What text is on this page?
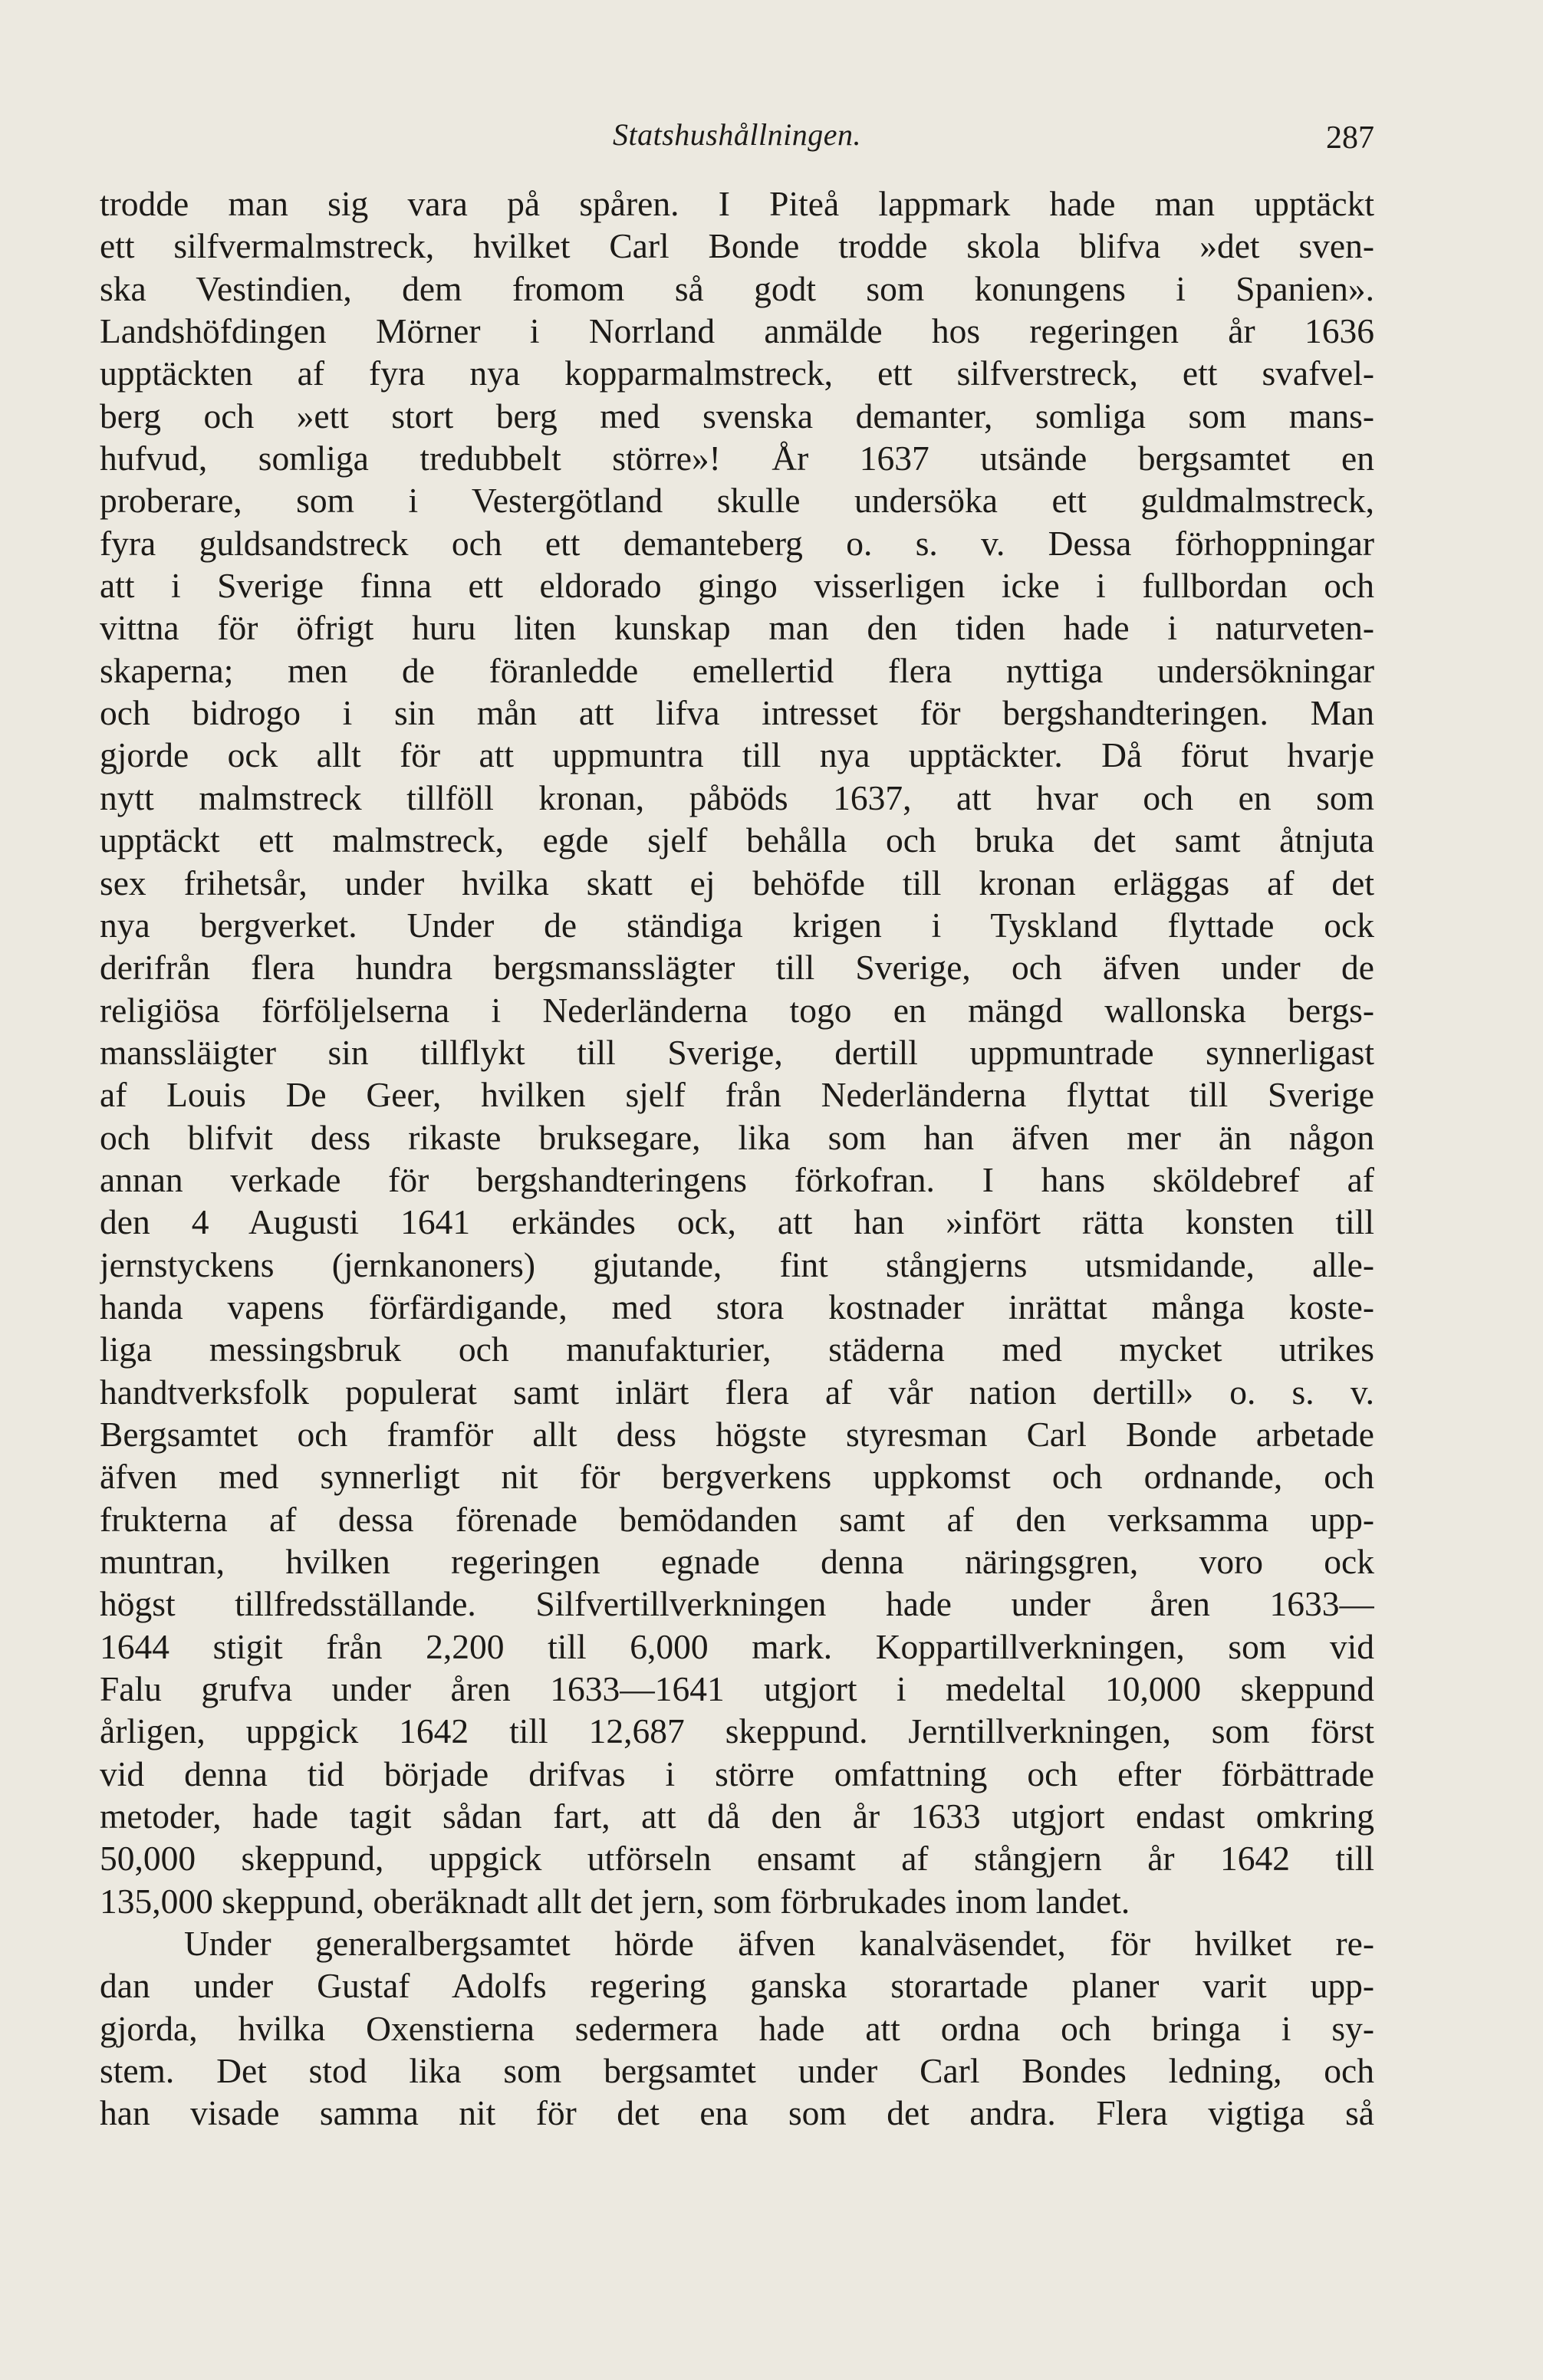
Statshushållningen.	287
trodde man sig vara på spåren. I Piteå lappmark hade man upptäckt
ett silfvermalmstreck, hvilket Carl Bonde trodde skola blifva »det sven-
ska Vestindien, dem fromom så godt som konungens i Spanien».
Landshöfdingen Mörner i Norrland anmälde hos regeringen år 1636
upptäckten af fyra nya kopparmalmstreck, ett silfverstreck, ett svafvel-
berg och »ett stort berg med svenska demanter, somliga som mans-
hufvud, somliga tredubbelt större»! År 1637 utsände bergsamtet en
proberare, som i Vestergötland skulle undersöka ett guldmalmstreck,
fyra guldsandstreck och ett demanteberg o. s. v. Dessa förhoppningar
att i Sverige finna ett eldorado gingo visserligen icke i fullbordan och
vittna för öfrigt huru liten kunskap man den tiden hade i naturveten-
skaperna; men de föranledde emellertid flera nyttiga undersökningar
och bidrogo i sin mån att lifva intresset för bergshandteringen. Man
gjorde ock allt för att uppmuntra till nya upptäckter. Då förut hvarje
nytt malmstreck tillföll kronan, påböds 1637, att hvar och en som
upptäckt ett malmstreck, egde sjelf behålla och bruka det samt åtnjuta
sex frihetsår, under hvilka skatt ej behöfde till kronan erläggas af det
nya bergverket. Under de ständiga krigen i Tyskland flyttade ock
derifrån flera hundra bergsmansslägter till Sverige, och äfven under de
religiösa förföljelserna i Nederländerna togo en mängd wallonska bergs-
manssläigter sin tillflykt till Sverige, dertill uppmuntrade synnerligast
af Louis De Geer, hvilken sjelf från Nederländerna flyttat till Sverige
och blifvit dess rikaste bruksegare, lika som han äfven mer än någon
annan verkade för bergshandteringens förkofran. I hans sköldebref af
den 4 Augusti 1641 erkändes ock, att han »infört rätta konsten till
jernstyckens (jernkanoners) gjutande, fint stångjerns utsmidande, alle-
handa vapens förfärdigande, med stora kostnader inrättat många koste-
liga messingsbruk och manufakturier, städerna med mycket utrikes
handtverksfolk populerat samt inlärt flera af vår nation dertill» o. s. v.
Bergsamtet och framför allt dess högste styresman Carl Bonde arbetade
äfven med synnerligt nit för bergverkens uppkomst och ordnande, och
frukterna af dessa förenade bemödanden samt af den verksamma upp-
muntran, hvilken regeringen egnade denna näringsgren, voro ock
högst tillfredsställande. Silfvertillverkningen hade under åren 1633—
1644 stigit från 2,200 till 6,000 mark. Koppartillverkningen, som vid
Falu grufva under åren 1633—1641 utgjort i medeltal 10,000 skeppund
årligen, uppgick 1642 till 12,687 skeppund. Jerntillverkningen, som först
vid denna tid började drifvas i större omfattning och efter förbättrade
metoder, hade tagit sådan fart, att då den år 1633 utgjort endast omkring
50,000 skeppund, uppgick utförseln ensamt af stångjern år 1642 till
135,000 skeppund, oberäknadt allt det jern, som förbrukades inom landet.
Under generalbergsamtet hörde äfven kanalväsendet, för hvilket re-
dan under Gustaf Adolfs regering ganska storartade planer varit upp-
gjorda, hvilka Oxenstierna sedermera hade att ordna och bringa i sy-
stem. Det stod lika som bergsamtet under Carl Bondes ledning, och
han visade samma nit för det ena som det andra. Flera vigtiga så
